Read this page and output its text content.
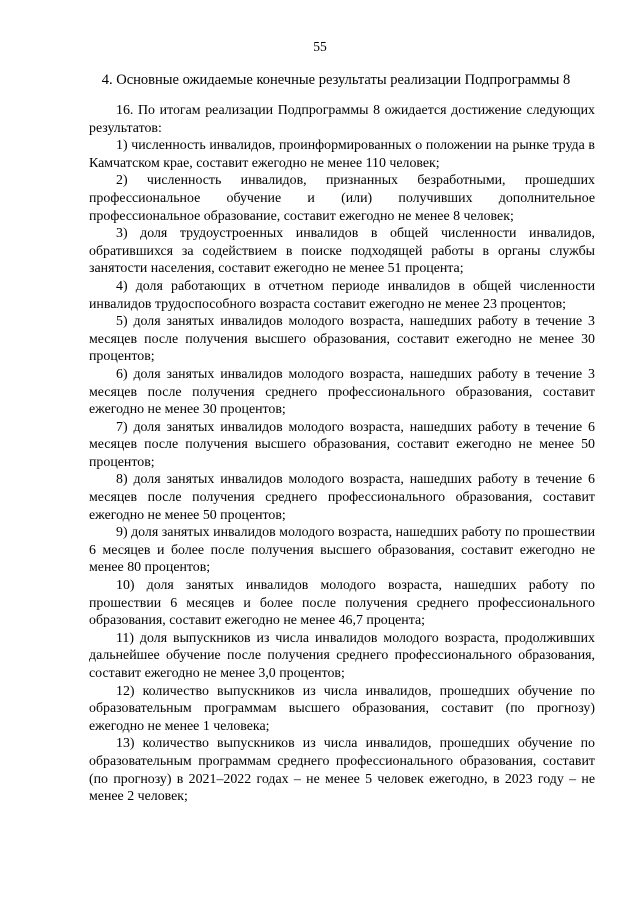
55
4. Основные ожидаемые конечные результаты реализации Подпрограммы 8

16. По итогам реализации Подпрограммы 8 ожидается достижение следующих результатов:

1) численность инвалидов, проинформированных о положении на рынке труда в Камчатском крае, составит ежегодно не менее 110 человек;

2) численность инвалидов, признанных безработными, прошедших профессиональное обучение и (или) получивших дополнительное профессиональное образование, составит ежегодно не менее 8 человек;

3) доля трудоустроенных инвалидов в общей численности инвалидов, обратившихся за содействием в поиске подходящей работы в органы службы занятости населения, составит ежегодно не менее 51 процента;

4) доля работающих в отчетном периоде инвалидов в общей численности инвалидов трудоспособного возраста составит ежегодно не менее 23 процентов;

5) доля занятых инвалидов молодого возраста, нашедших работу в течение 3 месяцев после получения высшего образования, составит ежегодно не менее 30 процентов;

6) доля занятых инвалидов молодого возраста, нашедших работу в течение 3 месяцев после получения среднего профессионального образования, составит ежегодно не менее 30 процентов;

7) доля занятых инвалидов молодого возраста, нашедших работу в течение 6 месяцев после получения высшего образования, составит ежегодно не менее 50 процентов;

8) доля занятых инвалидов молодого возраста, нашедших работу в течение 6 месяцев после получения среднего профессионального образования, составит ежегодно не менее 50 процентов;

9) доля занятых инвалидов молодого возраста, нашедших работу по прошествии 6 месяцев и более после получения высшего образования, составит ежегодно не менее 80 процентов;

10) доля занятых инвалидов молодого возраста, нашедших работу по прошествии 6 месяцев и более после получения среднего профессионального образования, составит ежегодно не менее 46,7 процента;

11) доля выпускников из числа инвалидов молодого возраста, продолживших дальнейшее обучение после получения среднего профессионального образования, составит ежегодно не менее 3,0 процентов;

12) количество выпускников из числа инвалидов, прошедших обучение по образовательным программам высшего образования, составит (по прогнозу) ежегодно не менее 1 человека;

13) количество выпускников из числа инвалидов, прошедших обучение по образовательным программам среднего профессионального образования, составит (по прогнозу) в 2021–2022 годах – не менее 5 человек ежегодно, в 2023 году – не менее 2 человек;
